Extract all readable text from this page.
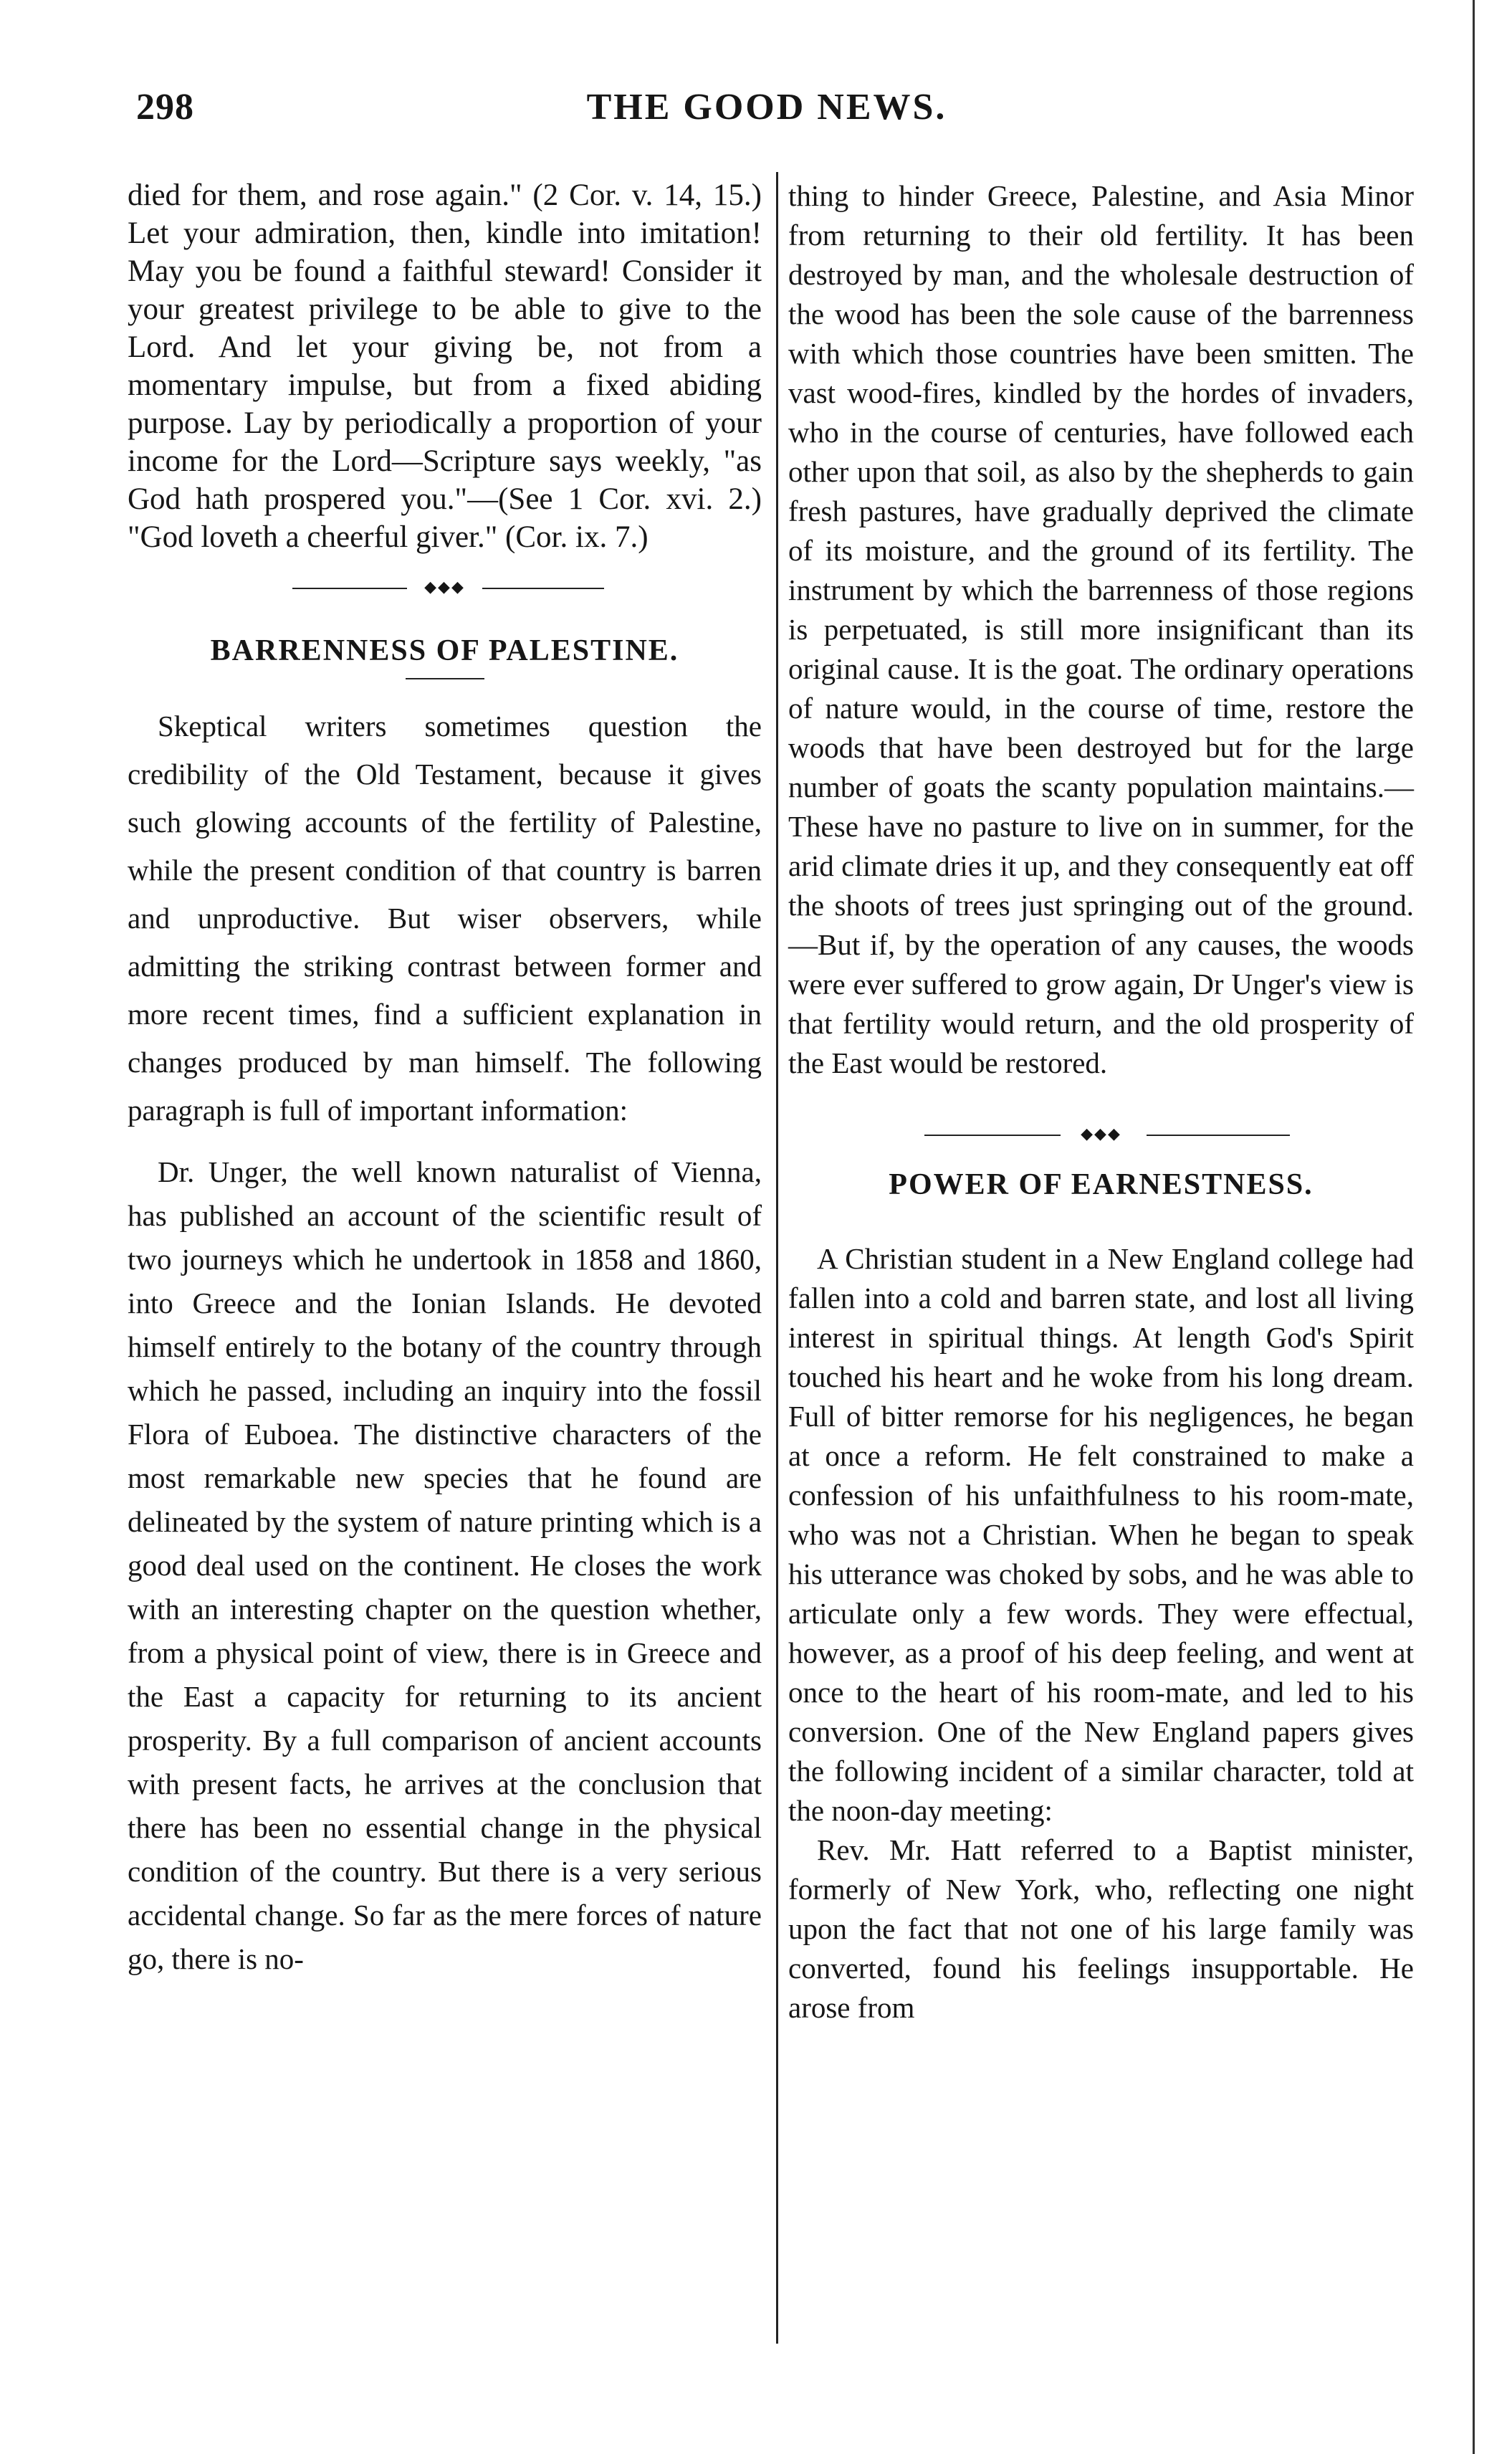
298	THE GOOD NEWS.

died for them, and rose again." (2 Cor. v. 14, 15.) Let your admiration, then, kindle into imitation! May you be found a faithful steward! Consider it your greatest privilege to be able to give to the Lord. And let your giving be, not from a momentary impulse, but from a fixed abiding purpose. Lay by periodically a proportion of your income for the Lord—Scripture says weekly, "as God hath prospered you."—(See 1 Cor. xvi. 2.) "God loveth a cheerful giver." (Cor. ix. 7.)

◆◆◆
BARRENNESS OF PALESTINE.

Skeptical writers sometimes question the credibility of the Old Testament, because it gives such glowing accounts of the fertility of Palestine, while the present condition of that country is barren and unproductive. But wiser observers, while admitting the striking contrast between former and more recent times, find a sufficient explanation in changes produced by man himself. The following paragraph is full of important information:

Dr. Unger, the well known naturalist of Vienna, has published an account of the scientific result of two journeys which he undertook in 1858 and 1860, into Greece and the Ionian Islands. He devoted himself entirely to the botany of the country through which he passed, including an inquiry into the fossil Flora of Euboea. The distinctive characters of the most remarkable new species that he found are delineated by the system of nature printing which is a good deal used on the continent. He closes the work with an interesting chapter on the question whether, from a physical point of view, there is in Greece and the East a capacity for returning to its ancient prosperity. By a full comparison of ancient accounts with present facts, he arrives at the conclusion that there has been no essential change in the physical condition of the country. But there is a very serious accidental change. So far as the mere forces of nature go, there is no-

thing to hinder Greece, Palestine, and Asia Minor from returning to their old fertility. It has been destroyed by man, and the wholesale destruction of the wood has been the sole cause of the barrenness with which those countries have been smitten. The vast wood-fires, kindled by the hordes of invaders, who in the course of centuries, have followed each other upon that soil, as also by the shepherds to gain fresh pastures, have gradually deprived the climate of its moisture, and the ground of its fertility. The instrument by which the barrenness of those regions is perpetuated, is still more insignificant than its original cause. It is the goat. The ordinary operations of nature would, in the course of time, restore the woods that have been destroyed but for the large number of goats the scanty population maintains.—These have no pasture to live on in summer, for the arid climate dries it up, and they consequently eat off the shoots of trees just springing out of the ground.—But if, by the operation of any causes, the woods were ever suffered to grow again, Dr Unger's view is that fertility would return, and the old prosperity of the East would be restored.

◆◆◆
POWER OF EARNESTNESS.

A Christian student in a New England college had fallen into a cold and barren state, and lost all living interest in spiritual things. At length God's Spirit touched his heart and he woke from his long dream. Full of bitter remorse for his negligences, he began at once a reform. He felt constrained to make a confession of his unfaithfulness to his room-mate, who was not a Christian. When he began to speak his utterance was choked by sobs, and he was able to articulate only a few words. They were effectual, however, as a proof of his deep feeling, and went at once to the heart of his room-mate, and led to his conversion. One of the New England papers gives the following incident of a similar character, told at the noon-day meeting:

Rev. Mr. Hatt referred to a Baptist minister, formerly of New York, who, reflecting one night upon the fact that not one of his large family was converted, found his feelings insupportable. He arose from
